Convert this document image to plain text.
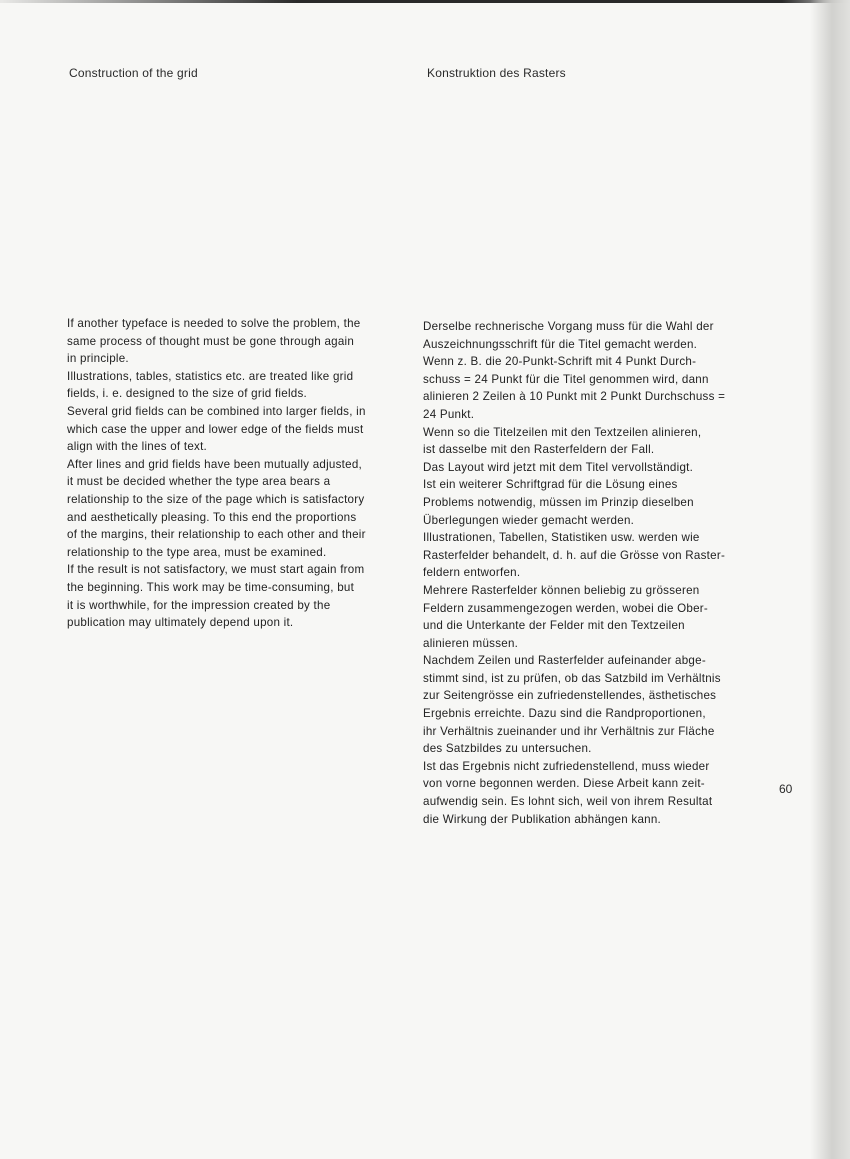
Construction of the grid	Konstruktion des Rasters
If another typeface is needed to solve the problem, the
same process of thought must be gone through again
in principle.
Illustrations, tables, statistics etc. are treated like grid
fields, i. e. designed to the size of grid fields.
Several grid fields can be combined into larger fields, in
which case the upper and lower edge of the fields must
align with the lines of text.
After lines and grid fields have been mutually adjusted,
it must be decided whether the type area bears a
relationship to the size of the page which is satisfactory
and aesthetically pleasing. To this end the proportions
of the margins, their relationship to each other and their
relationship to the type area, must be examined.
If the result is not satisfactory, we must start again from
the beginning. This work may be time-consuming, but
it is worthwhile, for the impression created by the
publication may ultimately depend upon it.
Derselbe rechnerische Vorgang muss für die Wahl der
Auszeichnungsschrift für die Titel gemacht werden.
Wenn z. B. die 20-Punkt-Schrift mit 4 Punkt Durch-
schuss = 24 Punkt für die Titel genommen wird, dann
alinieren 2 Zeilen à 10 Punkt mit 2 Punkt Durchschuss =
24 Punkt.
Wenn so die Titelzeilen mit den Textzeilen alinieren,
ist dasselbe mit den Rasterfeldern der Fall.
Das Layout wird jetzt mit dem Titel vervollständigt.
Ist ein weiterer Schriftgrad für die Lösung eines
Problems notwendig, müssen im Prinzip dieselben
Überlegungen wieder gemacht werden.
Illustrationen, Tabellen, Statistiken usw. werden wie
Rasterfelder behandelt, d. h. auf die Grösse von Raster-
feldern entworfen.
Mehrere Rasterfelder können beliebig zu grösseren
Feldern zusammengezogen werden, wobei die Ober-
und die Unterkante der Felder mit den Textzeilen
alinieren müssen.
Nachdem Zeilen und Rasterfelder aufeinander abge-
stimmt sind, ist zu prüfen, ob das Satzbild im Verhältnis
zur Seitengrösse ein zufriedenstellendes, ästhetisches
Ergebnis erreichte. Dazu sind die Randproportionen,
ihr Verhältnis zueinander und ihr Verhältnis zur Fläche
des Satzbildes zu untersuchen.
Ist das Ergebnis nicht zufriedenstellend, muss wieder
von vorne begonnen werden. Diese Arbeit kann zeit-
aufwendig sein. Es lohnt sich, weil von ihrem Resultat
die Wirkung der Publikation abhängen kann.
60
